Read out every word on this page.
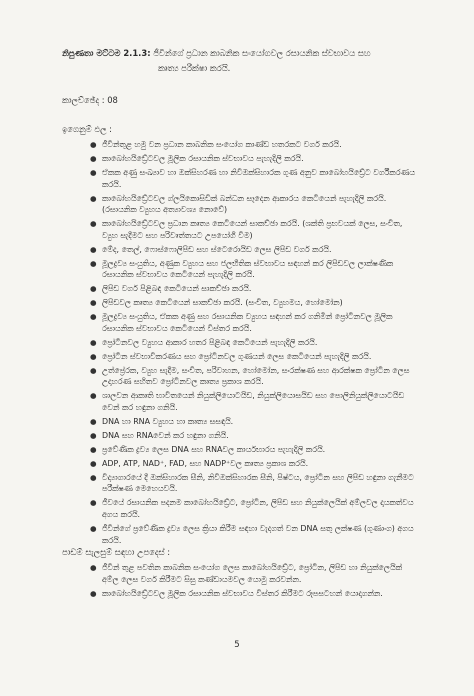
නිපුණතා මට්ටම 2.1.3: ජීවීන්ගේ ප්‍රධාන කාබනික සංයෝගවල රසායනික ස්වභාවය සහ
කෘත්‍ය පරීක්ෂා කරයි.
කාලච්ඡේද : 08
ඉගෙනුම් ඵල :
● ජීවීන්තුළ හමු වන ප්‍රධාන කාබනික සංයෝග කාණ්ඩ හතරකට වර්ග කරයි.
● කාබෝහයිඩ්‍රේටවල මූලික රසායනික ස්වභාවය පැහැදිලි කරයි.
● ඒකක අණු සංඛ්‍යාව හා ඔක්සිහරණ හා නිවිඔක්සිහාරක ගුණ අනුව කාබෝහයිඩ්‍රේට වර්ගීකරණය කරයි.
● කාබෝහයිඩ්‍රේටවල ග්ලයිකොසිඩික් බන්ධන සෑදෙන ආකාරය කෙටියෙන් පැහැදිලි කරයි. (රසායනික ව්‍යුහය අත්‍යාවශ්‍ය නොවේ)
● කාබෝහයිඩ්‍රේටවල ප්‍රධාන කෘත්‍ය කෙටියෙන් සාකච්ඡා කරයි. (ශක්ති ප්‍රභවයක් ලෙස, සංචිත, ව්‍යුහ සැදීමට සහ පරිවෘත්තයට උපයෝගී වීම)
● මේද, තෙල්, ෆොස්ෆොලිපිඩ සහ ස්ටෙරොයිඩ ලෙස ලිපිඩ වර්ග කරයි.
● මූලද්‍රව්‍ය සංයුතිය, අණුක ව්‍යුහය සහ ජලභීතික ස්වභාවය සඳහන් කර ලිපිඩවල ලාක්ෂණික රසායනික ස්වභාවය කෙටියෙන් පැහැදිලි කරයි.
● ලිපිඩ වර්ග පිළිබඳ කෙටියෙන් සාකච්ඡා කරයි.
● ලිපිඩවල කෘත්‍ය කෙටියෙන් සාකච්ඡා කරයි. (සංචිත, ව්‍යුහමය, හෝමෝන)
● මූලද්‍රව්‍ය සංයුතිය, ඒකක අණු සහ රසායනික ව්‍යුහය සඳහන් කර ගනිමින් ප්‍රෝටීනවල මූලික රසායනික ස්වභාවය කෙටියෙන් විස්තර කරයි.
● ප්‍රෝටීනවල ව්‍යුහය ආකාර හතර පිළිබඳ කෙටියෙන් පැහැදිලි කරයි.
● ප්‍රෝටීන ස්වභාවිකරණය සහ ප්‍රෝටීනවල ගුණයන් ලෙස කෙටියෙන් පැහැදිලි කරයි.
● උත්ප්‍රේරක, ව්‍යුහ සැදීම, සංචිත, පරිවාහන, හෝමෝන, සංරක්ෂණ සහ ආරක්ෂක ප්‍රෝටීන ලෙස උදාහරණ සහිතව ප්‍රෝටීනවල කෘත්‍ය ප්‍රකාශ කරයි.
● ශාලවන ආකෘති භාවිතයෙන් නියුක්ලියොටයිඩ, නියුක්ලියොසයිඩ සහ පොලිනියුක්ලියොටයිඩ වෙන් කර හඳුනා ගනියි.
● DNA හා RNA ව්‍යුහය හා කෘත්‍ය සසඳයි.
● DNA සහ RNAවෙන් කර හඳුනා ගනියි.
● ප්‍රවේණික ද්‍රව්‍ය ලෙස DNA සහ RNAවල කාර්යභාරය පැහැදිලි කරයි.
● ADP, ATP, NAD⁺, FAD, සහ NADP⁺වල කෘත්‍ය ප්‍රකාශ කරයි.
● විද්‍යාගාරයේ දී ඔක්සිහාරක සීනි, නිවිඔක්සිහාරක සීනි, පිෂ්ටය, ප්‍රෝටීන සහ ලිපිඩ හඳුනා ගැනීමට පරීක්ෂණ මෙහෙයවයි.
● ජීවයේ රසායනික පදනම කාබෝහයිඩ්‍රේට, ප්‍රෝටීන, ලිපිඩ සහ නියුක්ලෙයික් අම්ලවල දායකත්වය අගය කරයි.
● ජීවීන්ගේ ප්‍රවේණික ද්‍රව්‍ය ලෙස ක්‍රියා කිරීම සඳහා වැදගත් වන DNA සතු ලක්ෂණ (ගුණාංග) අගය කරයි.
පාඩම් සැලසුම් සඳහා උපදෙස් :
● ජීවීන් තුළ පවතින කාබනික සංයෝග ලෙස කාබෝහයිඩ්‍රේට, ප්‍රෝටීන, ලිපිඩ හා නියුක්ලෙයික් අම්ල ලෙස වර්ග කිරීමට සිසු කණ්ඩායමවල යොමු කරවන්න.
● කාබෝහයිඩ්‍රේටවල මූලික රසායනික ස්වභාවය විස්තර කිරීමට රූපසටහන් යොදාගන්න.
5
